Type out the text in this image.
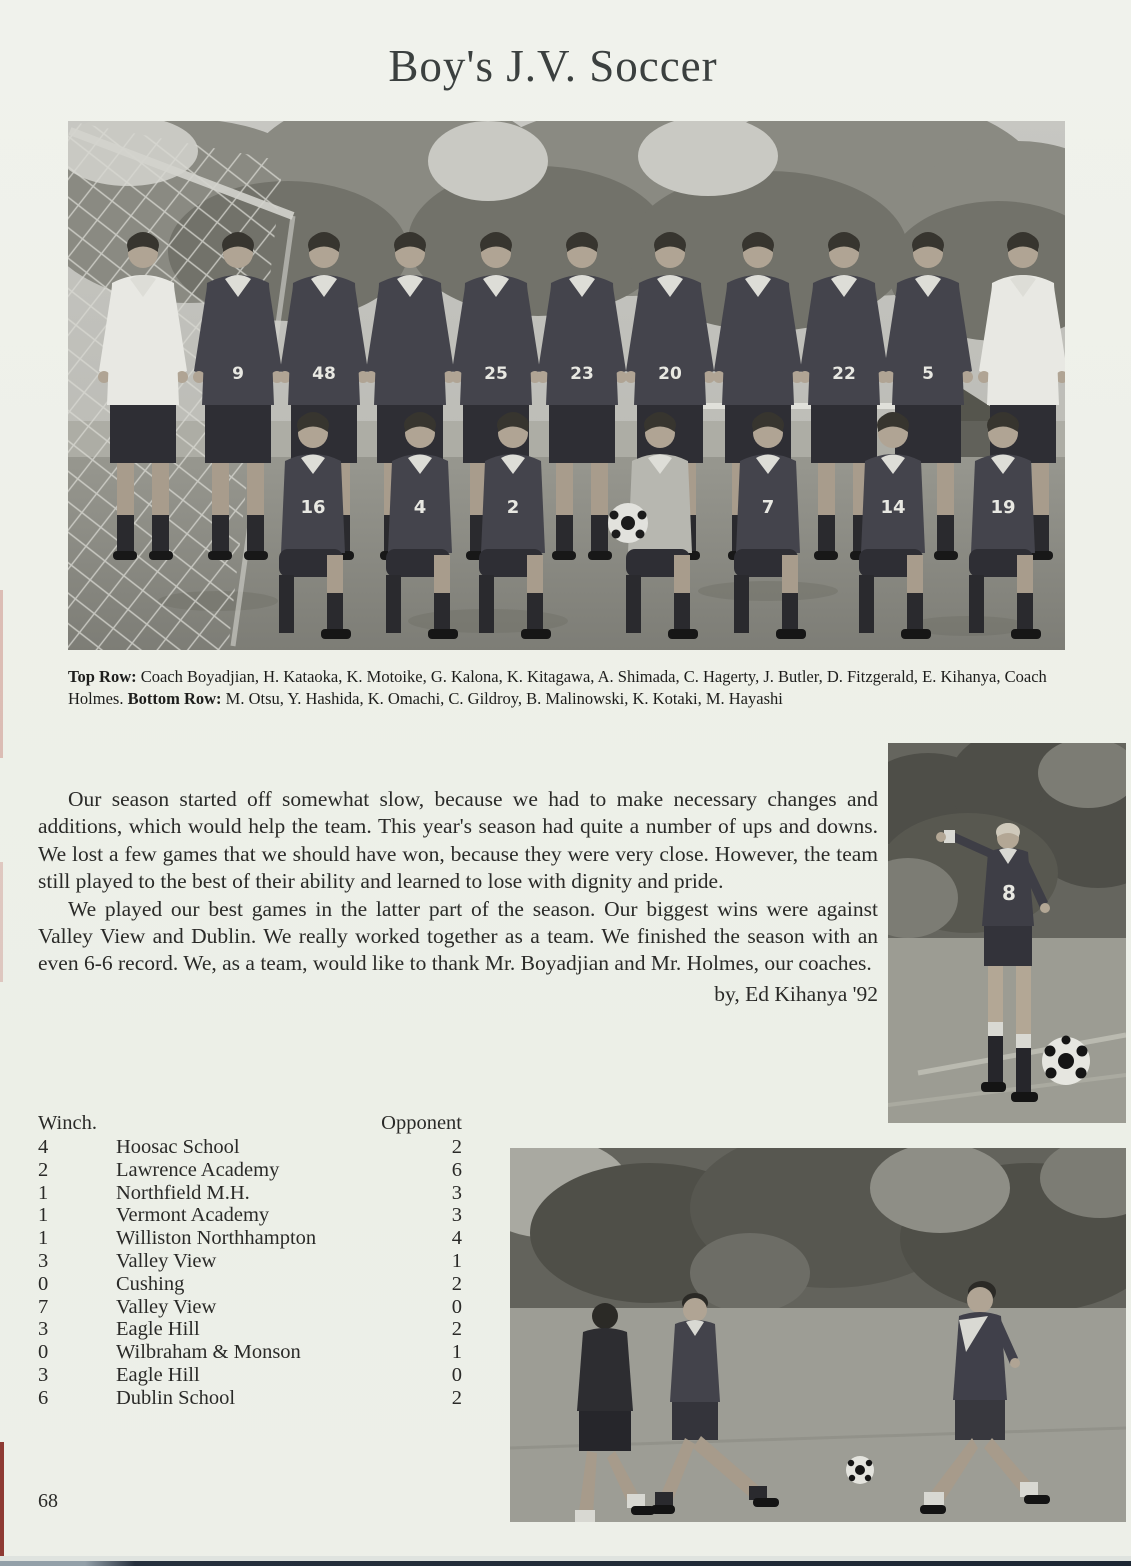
Boy's J.V. Soccer
9	48	25	23	20	22	5
16	4	2	7	14	19
Top Row: Coach Boyadjian, H. Kataoka, K. Motoike, G. Kalona, K. Kitagawa, A. Shimada, C. Hagerty, J. Butler, D. Fitzgerald, E. Kihanya, Coach Holmes. Bottom Row: M. Otsu, Y. Hashida, K. Omachi, C. Gildroy, B. Malinowski, K. Kotaki, M. Hayashi

Our season started off somewhat slow, because we had to make necessary changes and additions, which would help the team. This year's season had quite a number of ups and downs. We lost a few games that we should have won, because they were very close. However, the team still played to the best of their ability and learned to lose with dignity and pride.

We played our best games in the latter part of the season. Our biggest wins were against Valley View and Dublin. We really worked together as a team. We finished the season with an even 6-6 record. We, as a team, would like to thank Mr. Boyadjian and Mr. Holmes, our coaches.

by, Ed Kihanya '92
8
Winch.	Opponent
4	Hoosac School	2
2	Lawrence Academy	6
1	Northfield M.H.	3
1	Vermont Academy	3
1	Williston Northhampton	4
3	Valley View	1
0	Cushing	2
7	Valley View	0
3	Eagle Hill	2
0	Wilbraham & Monson	1
3	Eagle Hill	0
6	Dublin School	2
68
